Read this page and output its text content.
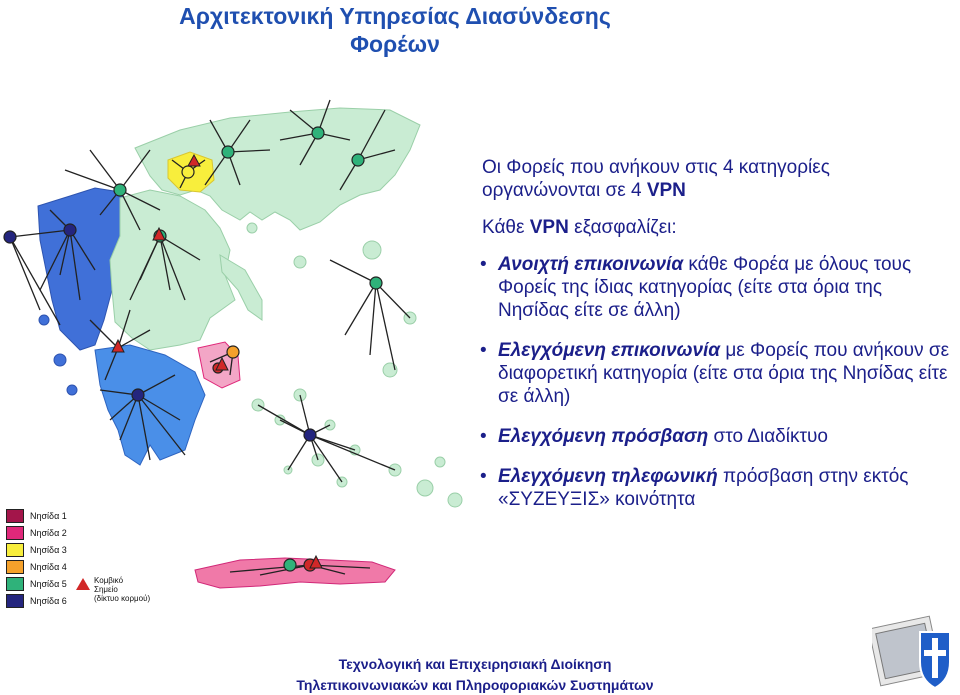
Αρχιτεκτονική Υπηρεσίας Διασύνδεσης
Φορέων

Οι Φορείς που ανήκουν στις 4 κατηγορίες
οργανώνονται σε 4 VPN

Κάθε VPN εξασφαλίζει:

• Ανοιχτή επικοινωνία κάθε Φορέα με όλους τους Φορείς της ίδιας κατηγορίας (είτε στα όρια της Νησίδας είτε σε άλλη)
• Ελεγχόμενη επικοινωνία με Φορείς που ανήκουν σε διαφορετική κατηγορία (είτε στα όρια της Νησίδας είτε σε άλλη)
• Ελεγχόμενη πρόσβαση στο Διαδίκτυο
• Ελεγχόμενη τηλεφωνική πρόσβαση στην εκτός «ΣΥΖΕΥΞΙΣ» κοινότητα
Νησίδα 1
Νησίδα 2
Νησίδα 3
Νησίδα 4
Νησίδα 5
Νησίδα 6
Κομβικό
Σημείο
(δίκτυο κορμού)
Τεχνολογική και Επιχειρησιακή Διοίκηση
Τηλεπικοινωνιακών και Πληροφοριακών Συστημάτων
